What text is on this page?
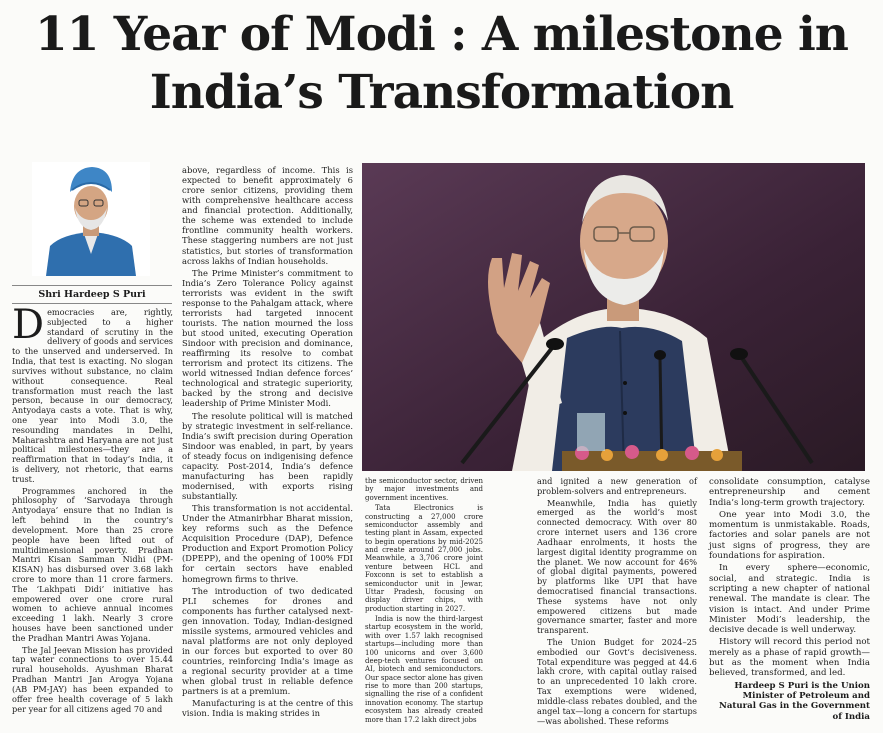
11 Year of Modi : A milestone in
India’s Transformation
Shri Hardeep S Puri

Democracies are, rightly, subjected to a higher standard of scrutiny in the delivery of goods and services to the unserved and underserved. In India, that test is exacting. No slogan survives without substance, no claim without consequence. Real transformation must reach the last person, because in our democracy, Antyodaya casts a vote. That is why, one year into Modi 3.0, the resounding mandates in Delhi, Maharashtra and Haryana are not just political milestones—they are a reaffirmation that in today’s India, it is delivery, not rhetoric, that earns trust.

Programmes anchored in the philosophy of ‘Sarvodaya through Antyodaya’ ensure that no Indian is left behind in the country’s development. More than 25 crore people have been lifted out of multidimensional poverty. Pradhan Mantri Kisan Samman Nidhi (PM-KISAN) has disbursed over 3.68 lakh crore to more than 11 crore farmers. The ‘Lakhpati Didi’ initiative has empowered over one crore rural women to achieve annual incomes exceeding 1 lakh. Nearly 3 crore houses have been sanctioned under the Pradhan Mantri Awas Yojana.

The Jal Jeevan Mission has provided tap water connections to over 15.44 rural households. Ayushman Bharat Pradhan Mantri Jan Arogya Yojana (AB PM-JAY) has been expanded to offer free health coverage of 5 lakh per year for all citizens aged 70 and

above, regardless of income. This is expected to benefit approximately 6 crore senior citizens, providing them with comprehensive healthcare access and financial protection. Additionally, the scheme was extended to include frontline community health workers. These staggering numbers are not just statistics, but stories of transformation across lakhs of Indian households.

The Prime Minister’s commitment to India’s Zero Tolerance Policy against terrorists was evident in the swift response to the Pahalgam attack, where terrorists had targeted innocent tourists. The nation mourned the loss but stood united, executing Operation Sindoor with precision and dominance, reaffirming its resolve to combat terrorism and protect its citizens. The world witnessed Indian defence forces’ technological and strategic superiority, backed by the strong and decisive leadership of Prime Minister Modi.

The resolute political will is matched by strategic investment in self-reliance. India’s swift precision during Operation Sindoor was enabled, in part, by years of steady focus on indigenising defence capacity. Post-2014, India’s defence manufacturing has been rapidly modernised, with exports rising substantially.

This transformation is not accidental. Under the Atmanirbhar Bharat mission, key reforms such as the Defence Acquisition Procedure (DAP), Defence Production and Export Promotion Policy (DPEPP), and the opening of 100% FDI for certain sectors have enabled homegrown firms to thrive.

The introduction of two dedicated PLI schemes for drones and components has further catalysed next-gen innovation. Today, Indian-designed missile systems, armoured vehicles and naval platforms are not only deployed in our forces but exported to over 80 countries, reinforcing India’s image as a regional security provider at a time when global trust in reliable defence partners is at a premium.

Manufacturing is at the centre of this vision. India is making strides in

the semiconductor sector, driven by major investments and government incentives.

Tata Electronics is constructing a 27,000 crore semiconductor assembly and testing plant in Assam, expected to begin operations by mid-2025 and create around 27,000 jobs. Meanwhile, a 3,706 crore joint venture between HCL and Foxconn is set to establish a semiconductor unit in Jewar, Uttar Pradesh, focusing on display driver chips, with production starting in 2027.

India is now the third-largest startup ecosystem in the world, with over 1.57 lakh recognised startups—including more than 100 unicorns and over 3,600 deep-tech ventures focused on AI, biotech and semiconductors. Our space sector alone has given rise to more than 200 startups, signalling the rise of a confident innovation economy. The startup ecosystem has already created more than 17.2 lakh direct jobs

and ignited a new generation of problem-solvers and entrepreneurs.

Meanwhile, India has quietly emerged as the world’s most connected democracy. With over 80 crore internet users and 136 crore Aadhaar enrolments, it hosts the largest digital identity programme on the planet. We now account for 46% of global digital payments, powered by platforms like UPI that have democratised financial transactions. These systems have not only empowered citizens but made governance smarter, faster and more transparent.

The Union Budget for 2024–25 embodied our Govt’s decisiveness. Total expenditure was pegged at 44.6 lakh crore, with capital outlay raised to an unprecedented 10 lakh crore. Tax exemptions were widened, middle-class rebates doubled, and the angel tax—long a concern for startups—was abolished. These reforms

consolidate consumption, catalyse entrepreneurship and cement India’s long-term growth trajectory.

One year into Modi 3.0, the momentum is unmistakable. Roads, factories and solar panels are not just signs of progress, they are foundations for aspiration.

In every sphere—economic, social, and strategic. India is scripting a new chapter of national renewal. The mandate is clear. The vision is intact. And under Prime Minister Modi’s leadership, the decisive decade is well underway.

History will record this period not merely as a phase of rapid growth—but as the moment when India believed, transformed, and led.

Hardeep S Puri is the Union Minister of Petroleum and Natural Gas in the Government of India
